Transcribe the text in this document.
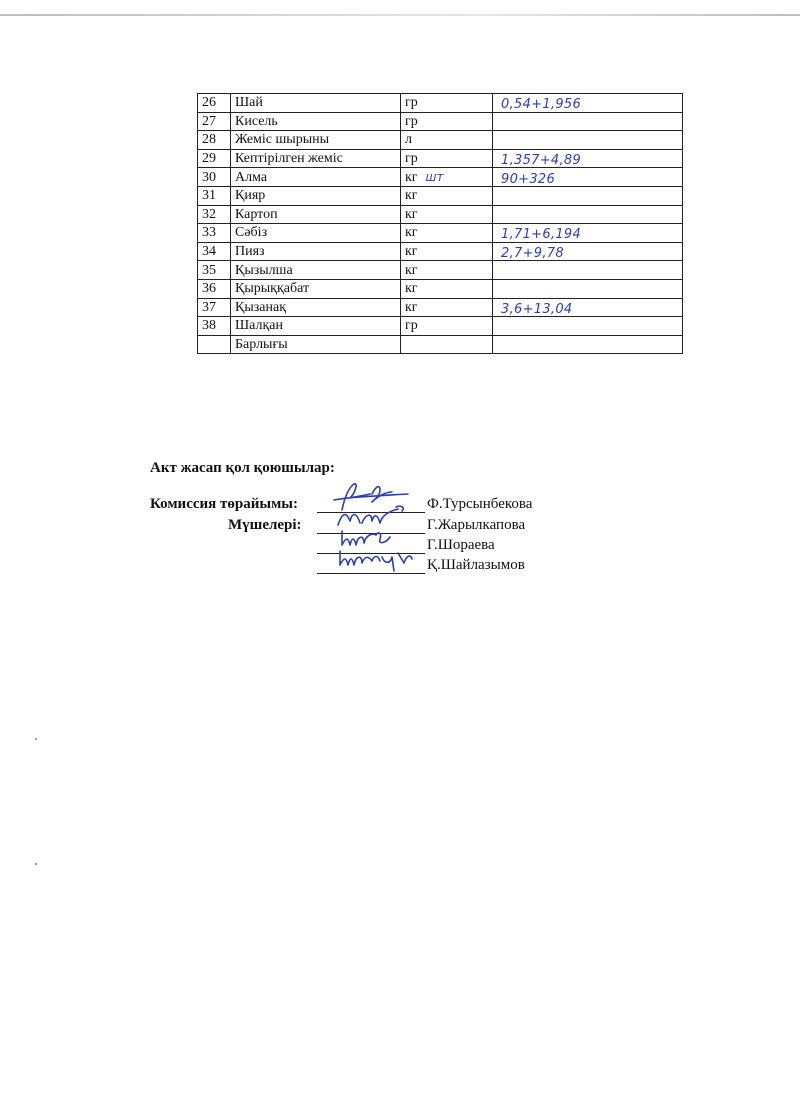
26	Шай	гр	0,54+1,956
27	Кисель	гр	
28	Жеміс шырыны	л	
29	Кептірілген жеміс	гр	1,357+4,89
30	Алма	кг шт	90+326
31	Қияр	кг	
32	Картоп	кг	
33	Сәбіз	кг	1,71+6,194
34	Пияз	кг	2,7+9,78
35	Қызылша	кг	
36	Қырыққабат	кг	
37	Қызанақ	кг	3,6+13,04
38	Шалқан	гр	
	Барлығы		
Акт жасап қол қоюшылар:
Комиссия төрайымы:	Ф.Турсынбекова
Мүшелері:	Г.Жарылкапова
Г.Шораева
Қ.Шайлазымов
